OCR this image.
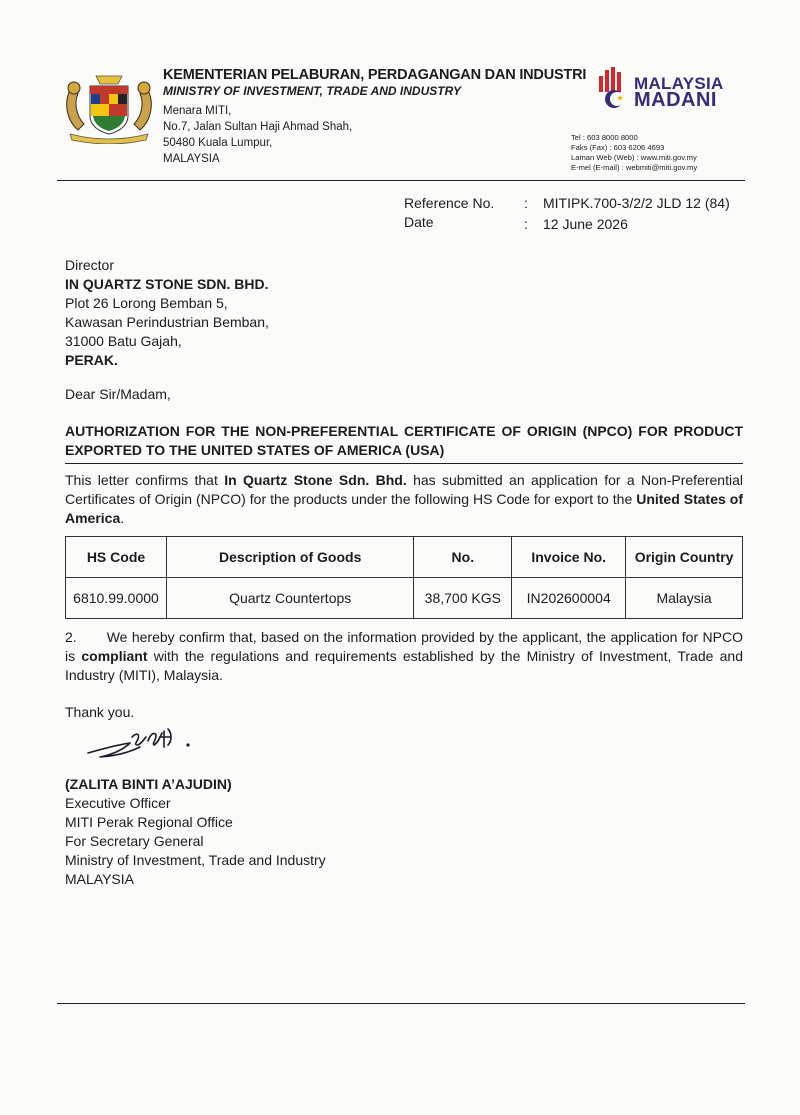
KEMENTERIAN PELABURAN, PERDAGANGAN DAN INDUSTRI
MINISTRY OF INVESTMENT, TRADE AND INDUSTRY
Menara MITI,
No.7, Jalan Sultan Haji Ahmad Shah,
50480 Kuala Lumpur,
MALAYSIA
MALAYSIA
MADANI
Tel : 603 8000 8000
Faks (Fax) : 603 6206 4693
Laman Web (Web) : www.miti.gov.my
E-mel (E-mail) : webmiti@miti.gov.my
Reference No. : MITIPK.700-3/2/2 JLD 12 (84)
Date	: 12 June 2026
Director
IN QUARTZ STONE SDN. BHD.
Plot 26 Lorong Bemban 5,
Kawasan Perindustrian Bemban,
31000 Batu Gajah,
PERAK.
Dear Sir/Madam,
AUTHORIZATION FOR THE NON-PREFERENTIAL CERTIFICATE OF ORIGIN (NPCO) FOR PRODUCT EXPORTED TO THE UNITED STATES OF AMERICA (USA)
This letter confirms that In Quartz Stone Sdn. Bhd. has submitted an application for a Non-Preferential Certificates of Origin (NPCO) for the products under the following HS Code for export to the United States of America.
HS Code	Description of Goods	No.	Invoice No.	Origin Country
6810.99.0000	Quartz Countertops	38,700 KGS	IN202600004	Malaysia
2. We hereby confirm that, based on the information provided by the applicant, the application for NPCO is compliant with the regulations and requirements established by the Ministry of Investment, Trade and Industry (MITI), Malaysia.
Thank you.
(ZALITA BINTI A’AJUDIN)
Executive Officer
MITI Perak Regional Office
For Secretary General
Ministry of Investment, Trade and Industry
MALAYSIA
